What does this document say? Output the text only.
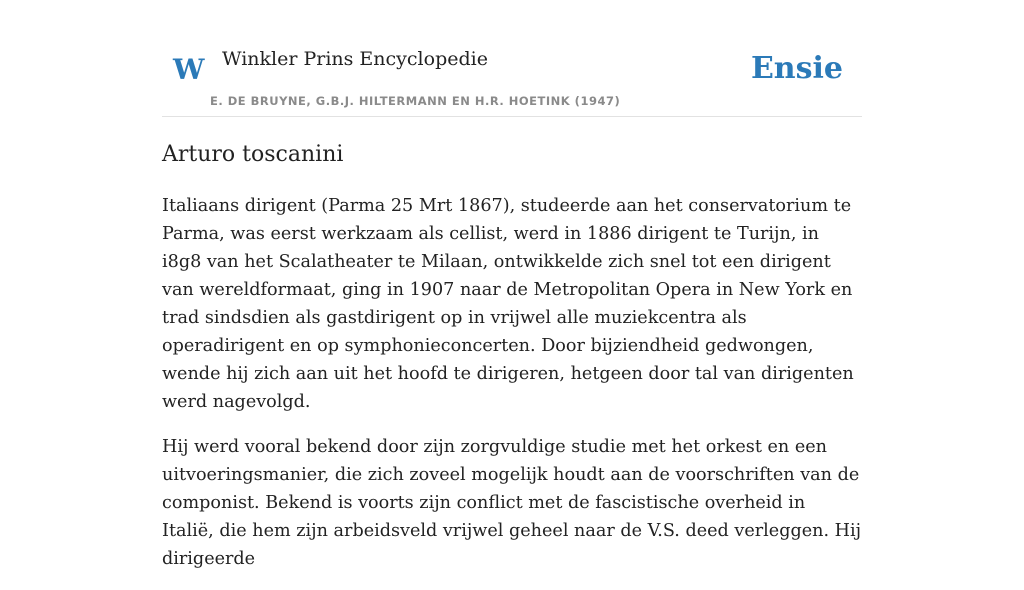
W Winkler Prins Encyclopedie
E. DE BRUYNE, G.B.J. HILTERMANN EN H.R. HOETINK (1947)
Ensie
Arturo toscanini

Italiaans dirigent (Parma 25 Mrt 1867), studeerde aan het conservatorium te Parma, was eerst werkzaam als cellist, werd in 1886 dirigent te Turijn, in i8g8 van het Scalatheater te Milaan, ontwikkelde zich snel tot een dirigent van wereldformaat, ging in 1907 naar de Metropolitan Opera in New York en trad sindsdien als gastdirigent op in vrijwel alle muziekcentra als operadirigent en op symphonieconcerten. Door bijziendheid gedwongen, wende hij zich aan uit het hoofd te dirigeren, hetgeen door tal van dirigenten werd nagevolgd.

Hij werd vooral bekend door zijn zorgvuldige studie met het orkest en een uitvoeringsmanier, die zich zoveel mogelijk houdt aan de voorschriften van de componist. Bekend is voorts zijn conflict met de fascistische overheid in Italië, die hem zijn arbeidsveld vrijwel geheel naar de V.S. deed verleggen. Hij dirigeerde
